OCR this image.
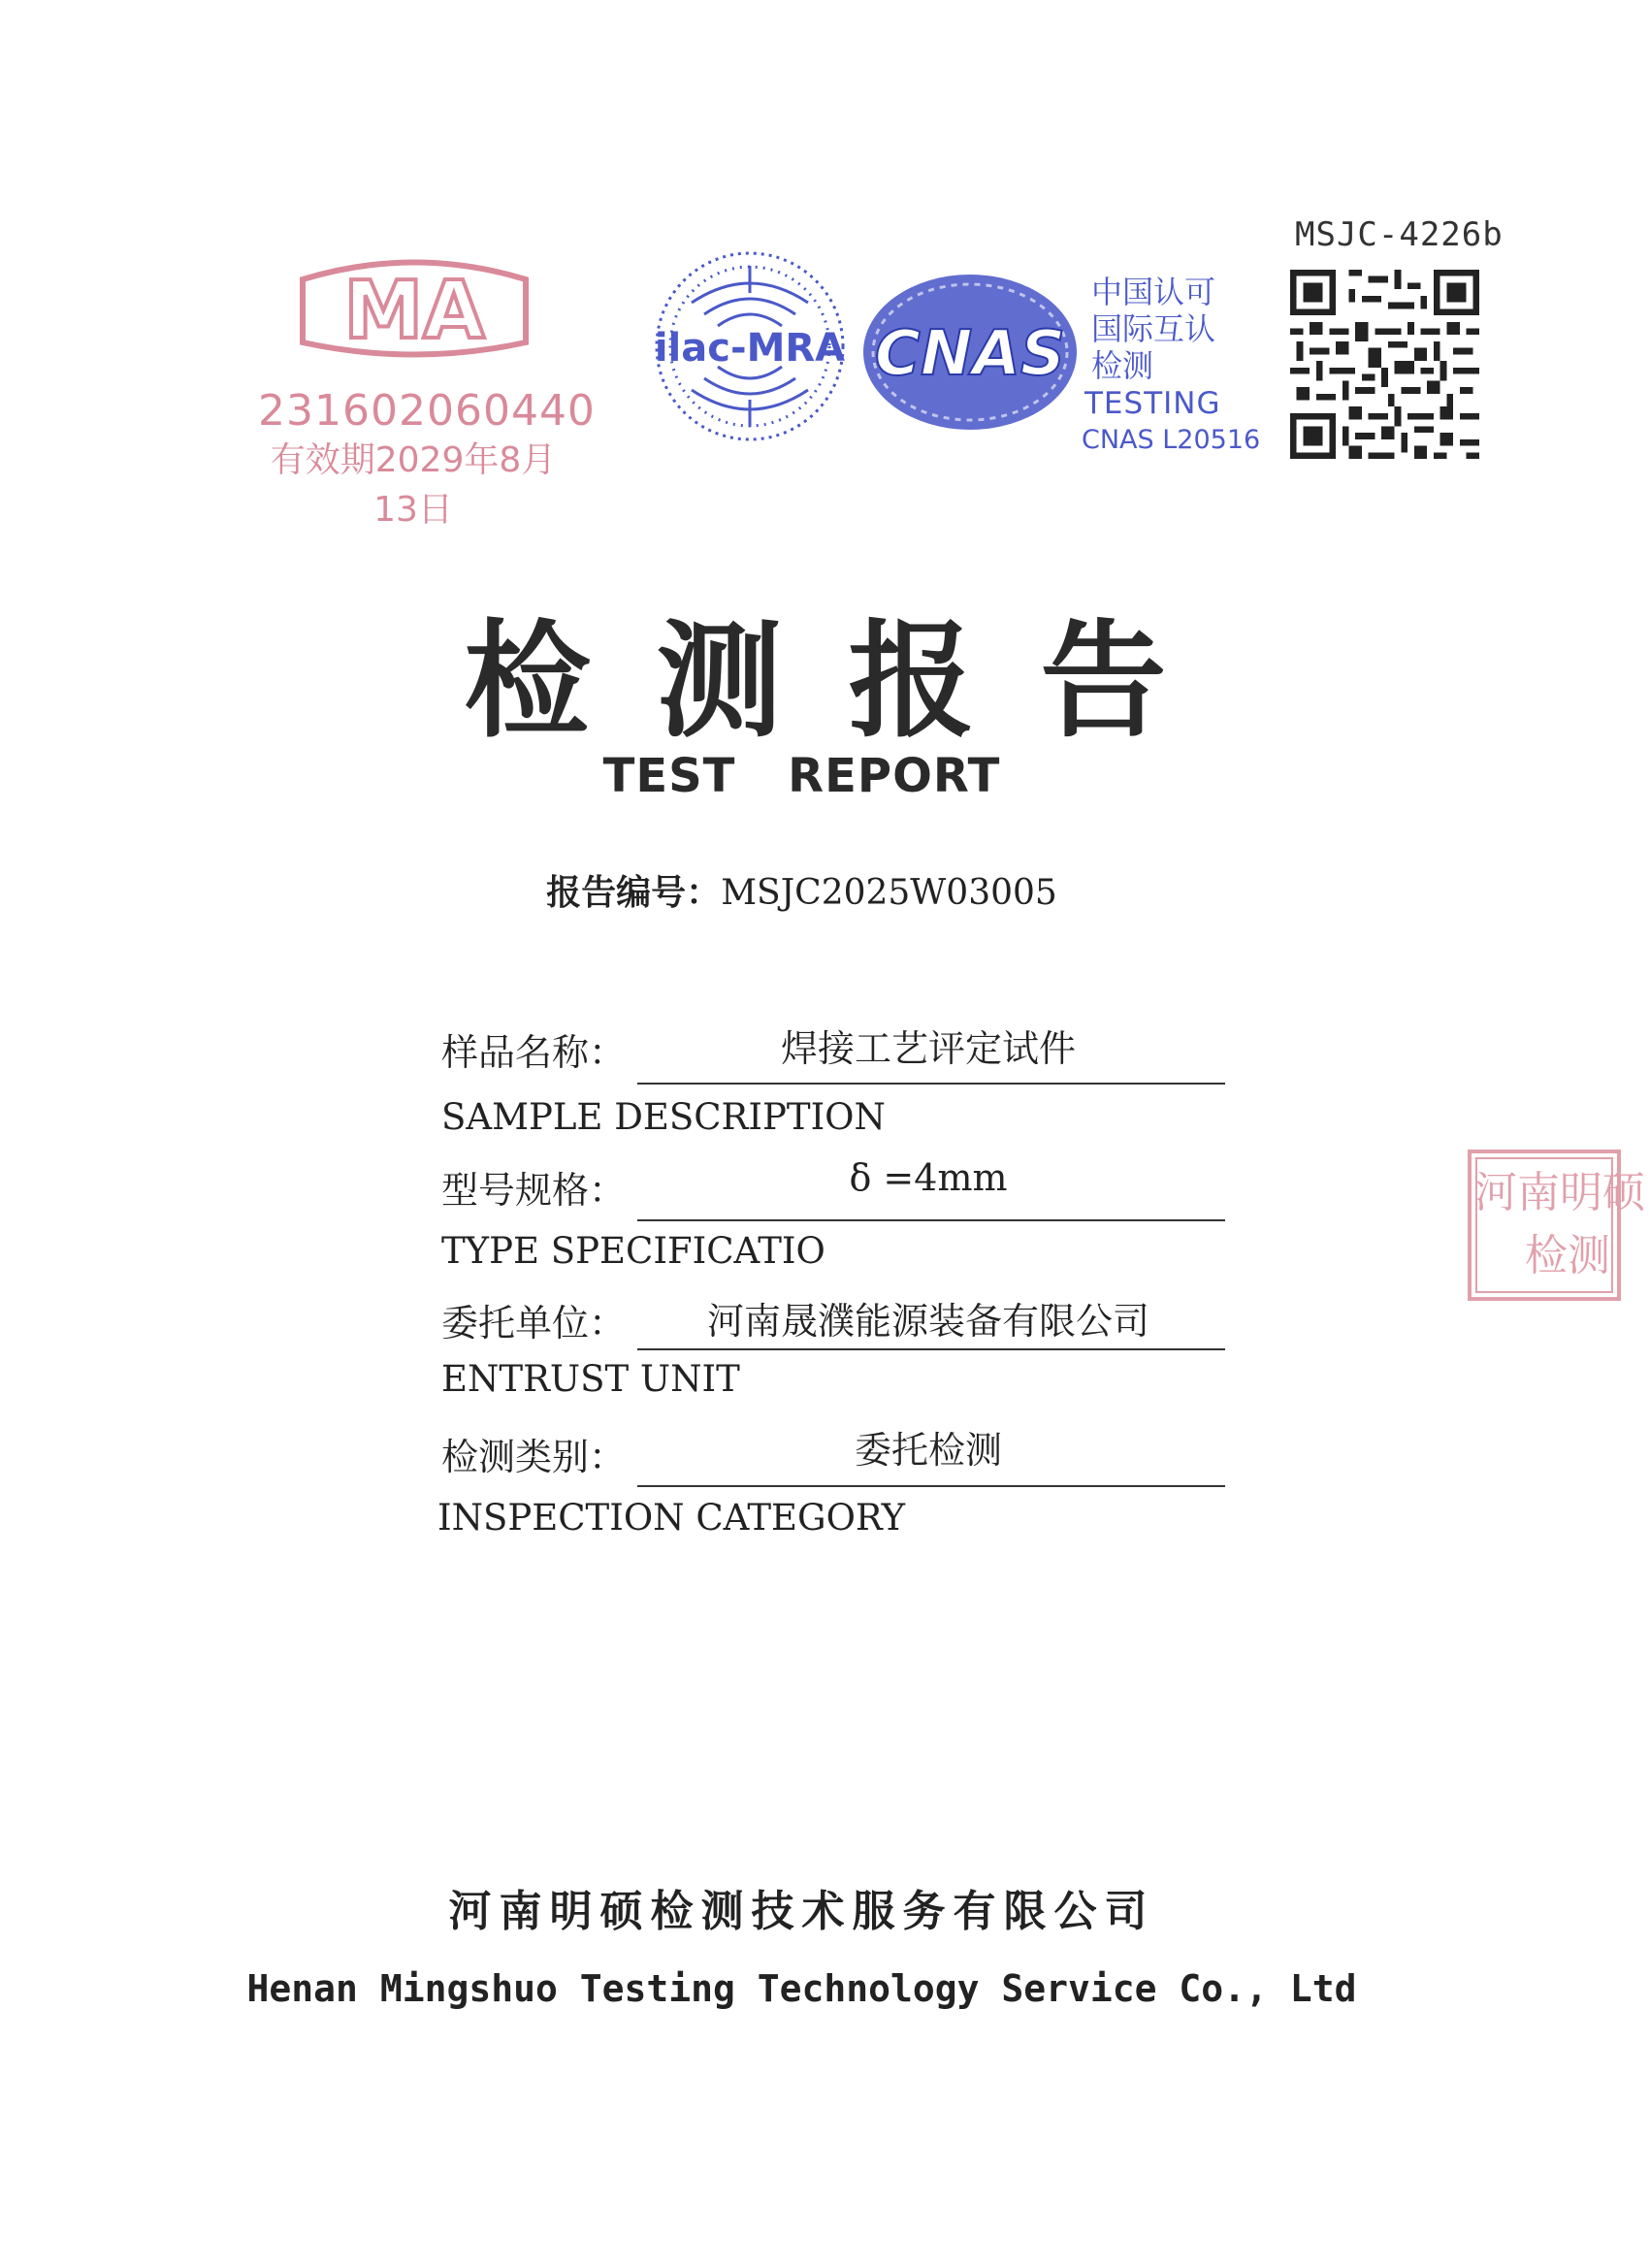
MSJC-4226b
MA
231602060440
有效期2029年8月13日
ilac-MRA CNAS
中国认可
国际互认
检测
TESTING
CNAS L20516
检测报告
TEST REPORT
报告编号：MSJC2025W03005
样品名称：	焊接工艺评定试件
SAMPLE DESCRIPTION
型号规格：	δ =4mm
TYPE SPECIFICATIO
委托单位：	河南晟濮能源装备有限公司
ENTRUST UNIT
检测类别：	委托检测
INSPECTION CATEGORY
河南明硕
检测
河南明硕检测技术服务有限公司
Henan Mingshuo Testing Technology Service Co., Ltd
